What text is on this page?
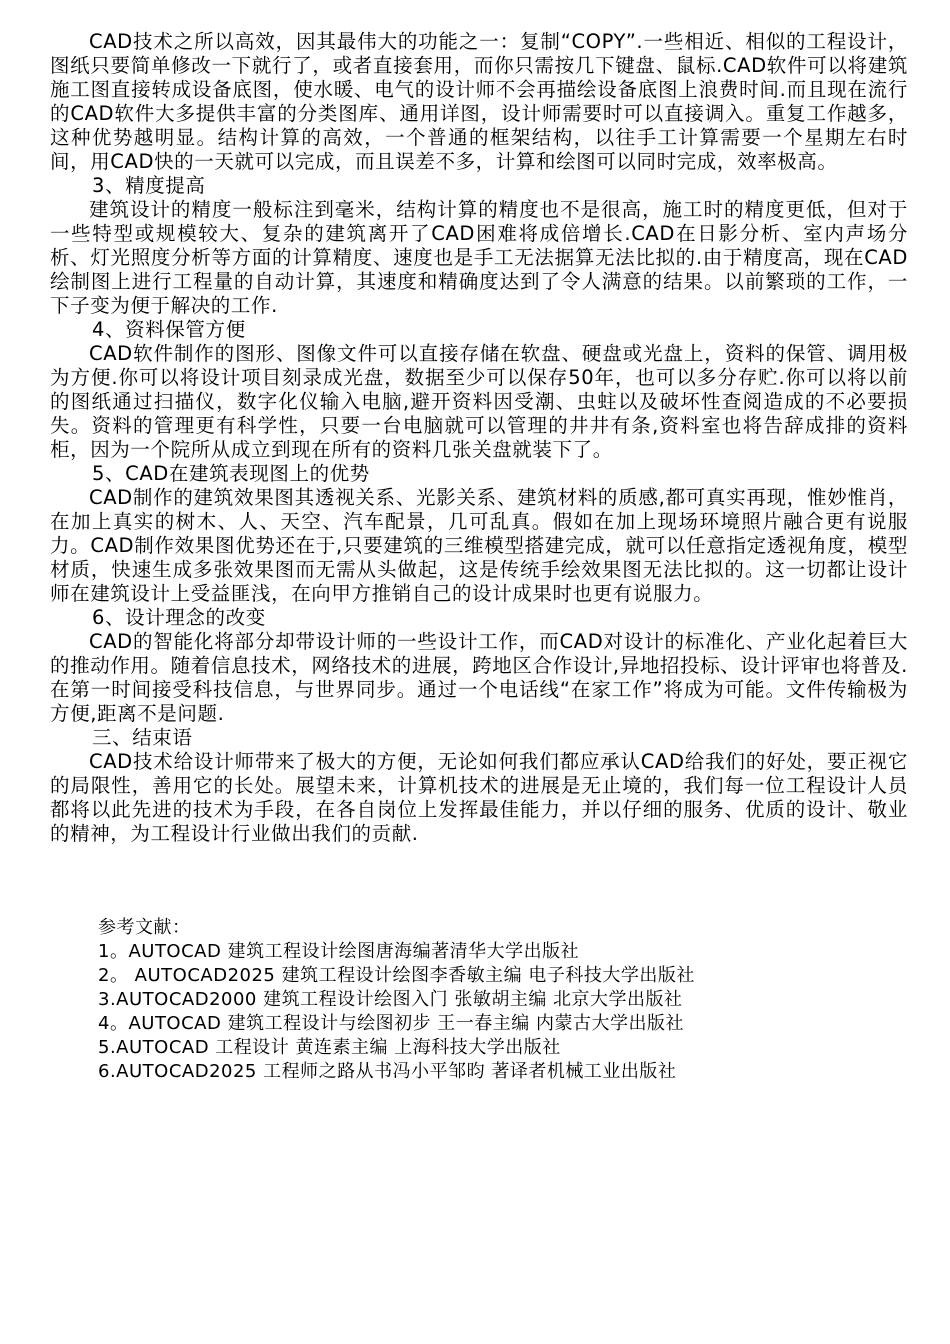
CAD技术之所以高效，因其最伟大的功能之一：复制“COPY”.一些相近、相似的工程设计，图纸只要简单修改一下就行了，或者直接套用，而你只需按几下键盘、鼠标.CAD软件可以将建筑施工图直接转成设备底图，使水暖、电气的设计师不会再描绘设备底图上浪费时间.而且现在流行的CAD软件大多提供丰富的分类图库、通用详图，设计师需要时可以直接调入。重复工作越多，这种优势越明显。结构计算的高效，一个普通的框架结构，以往手工计算需要一个星期左右时间，用CAD快的一天就可以完成，而且误差不多，计算和绘图可以同时完成，效率极高。

3、精度提高

建筑设计的精度一般标注到毫米，结构计算的精度也不是很高，施工时的精度更低，但对于一些特型或规模较大、复杂的建筑离开了CAD困难将成倍增长.CAD在日影分析、室内声场分析、灯光照度分析等方面的计算精度、速度也是手工无法据算无法比拟的.由于精度高，现在CAD绘制图上进行工程量的自动计算，其速度和精确度达到了令人满意的结果。以前繁琐的工作，一下子变为便于解决的工作.

4、资料保管方便

CAD软件制作的图形、图像文件可以直接存储在软盘、硬盘或光盘上，资料的保管、调用极为方便.你可以将设计项目刻录成光盘，数据至少可以保存50年，也可以多分存贮.你可以将以前的图纸通过扫描仪，数字化仪输入电脑,避开资料因受潮、虫蛀以及破坏性查阅造成的不必要损失。资料的管理更有科学性，只要一台电脑就可以管理的井井有条,资料室也将告辞成排的资料柜，因为一个院所从成立到现在所有的资料几张关盘就装下了。

5、CAD在建筑表现图上的优势

CAD制作的建筑效果图其透视关系、光影关系、建筑材料的质感,都可真实再现，惟妙惟肖，在加上真实的树木、人、天空、汽车配景，几可乱真。假如在加上现场环境照片融合更有说服力。CAD制作效果图优势还在于,只要建筑的三维模型搭建完成，就可以任意指定透视角度，模型材质，快速生成多张效果图而无需从头做起，这是传统手绘效果图无法比拟的。这一切都让设计师在建筑设计上受益匪浅，在向甲方推销自己的设计成果时也更有说服力。

6、设计理念的改变

CAD的智能化将部分却带设计师的一些设计工作，而CAD对设计的标准化、产业化起着巨大的推动作用。随着信息技术，网络技术的进展，跨地区合作设计,异地招投标、设计评审也将普及.在第一时间接受科技信息，与世界同步。通过一个电话线“在家工作”将成为可能。文件传输极为方便,距离不是问题.

三、结束语

CAD技术给设计师带来了极大的方便，无论如何我们都应承认CAD给我们的好处，要正视它的局限性，善用它的长处。展望未来，计算机技术的进展是无止境的，我们每一位工程设计人员都将以此先进的技术为手段，在各自岗位上发挥最佳能力，并以仔细的服务、优质的设计、敬业的精神，为工程设计行业做出我们的贡献.

参考文献：

1。AUTOCAD 建筑工程设计绘图唐海编著清华大学出版社

2。 AUTOCAD2025 建筑工程设计绘图李香敏主编 电子科技大学出版社

3.AUTOCAD2000 建筑工程设计绘图入门 张敏胡主编 北京大学出版社

4。AUTOCAD 建筑工程设计与绘图初步 王一春主编 内蒙古大学出版社

5.AUTOCAD 工程设计 黄连素主编 上海科技大学出版社

6.AUTOCAD2025 工程师之路从书冯小平邹昀 著译者机械工业出版社
